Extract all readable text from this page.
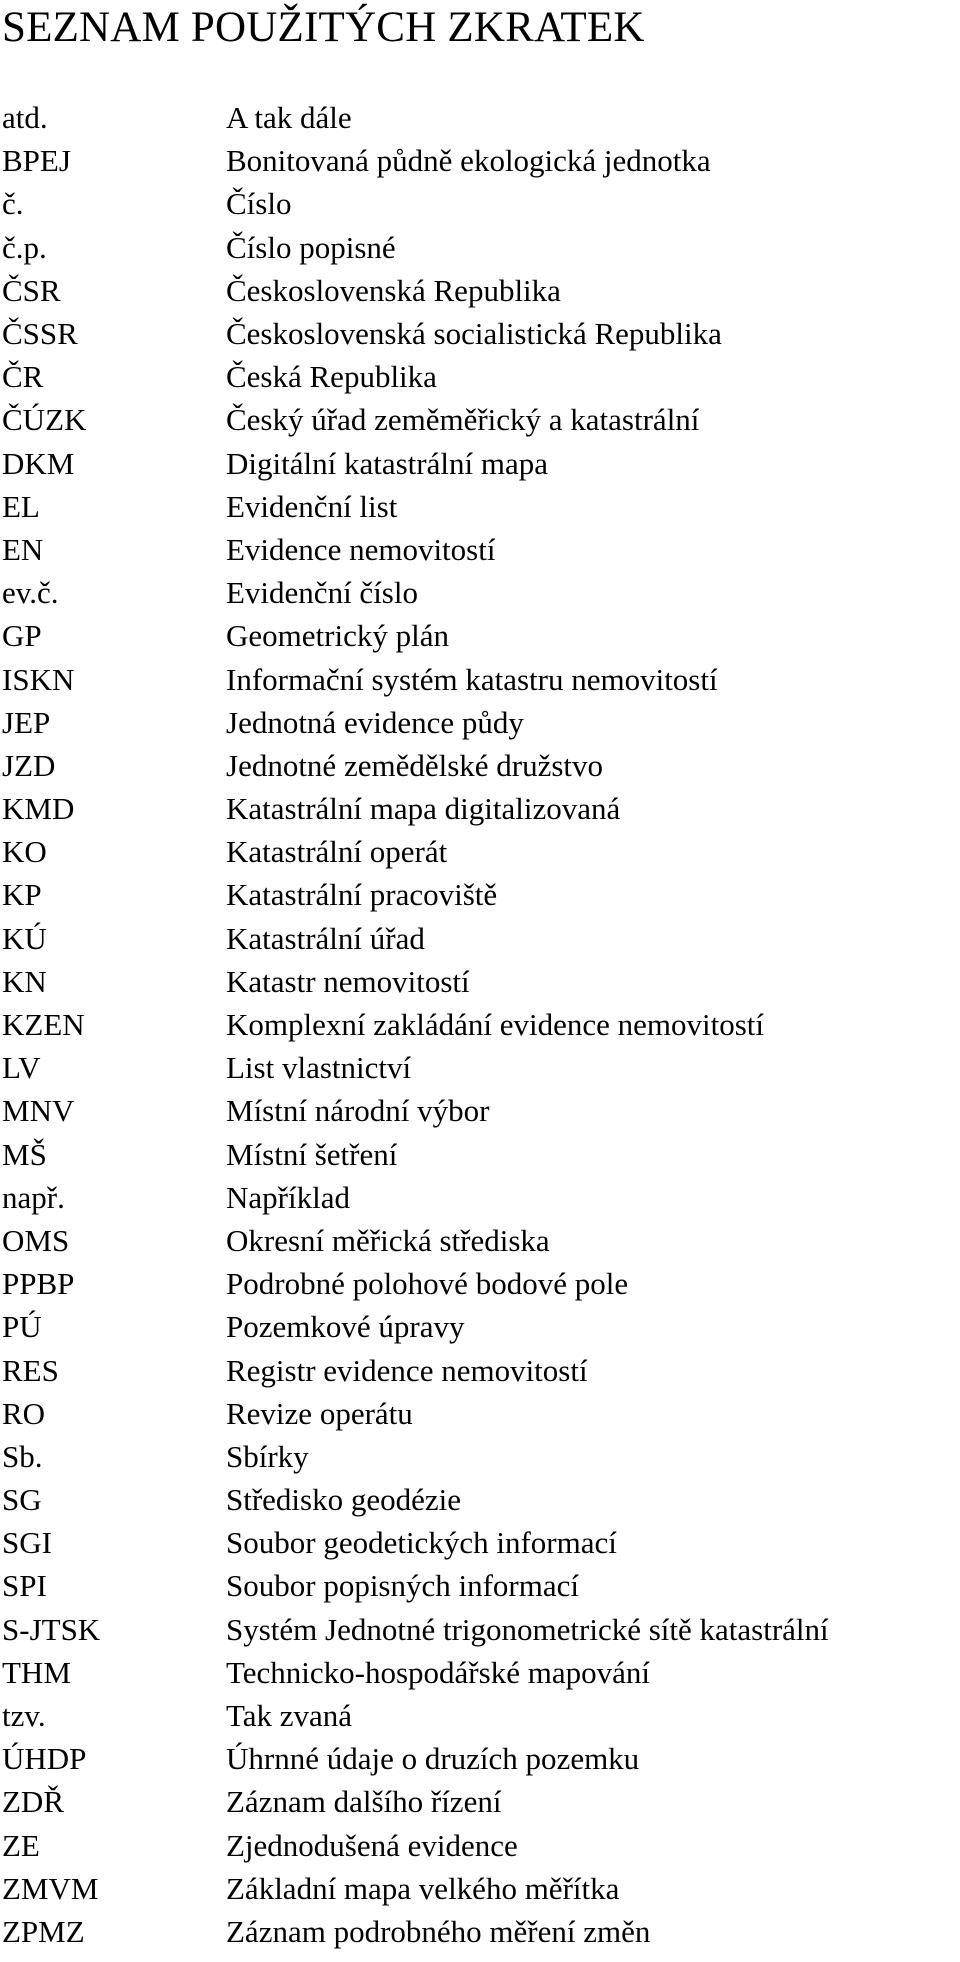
SEZNAM POUŽITÝCH ZKRATEK
atd.	A tak dále
BPEJ	Bonitovaná půdně ekologická jednotka
č.	Číslo
č.p.	Číslo popisné
ČSR	Československá Republika
ČSSR	Československá socialistická Republika
ČR	Česká Republika
ČÚZK	Český úřad zeměměřický a katastrální
DKM	Digitální katastrální mapa
EL	Evidenční list
EN	Evidence nemovitostí
ev.č.	Evidenční číslo
GP	Geometrický plán
ISKN	Informační systém katastru nemovitostí
JEP	Jednotná evidence půdy
JZD	Jednotné zemědělské družstvo
KMD	Katastrální mapa digitalizovaná
KO	Katastrální operát
KP	Katastrální pracoviště
KÚ	Katastrální úřad
KN	Katastr nemovitostí
KZEN	Komplexní zakládání evidence nemovitostí
LV	List vlastnictví
MNV	Místní národní výbor
MŠ	Místní šetření
např.	Například
OMS	Okresní měřická střediska
PPBP	Podrobné polohové bodové pole
PÚ	Pozemkové úpravy
RES	Registr evidence nemovitostí
RO	Revize operátu
Sb.	Sbírky
SG	Středisko geodézie
SGI	Soubor geodetických informací
SPI	Soubor popisných informací
S-JTSK	Systém Jednotné trigonometrické sítě katastrální
THM	Technicko-hospodářské mapování
tzv.	Tak zvaná
ÚHDP	Úhrnné údaje o druzích pozemku
ZDŘ	Záznam dalšího řízení
ZE	Zjednodušená evidence
ZMVM	Základní mapa velkého měřítka
ZPMZ	Záznam podrobného měření změn
